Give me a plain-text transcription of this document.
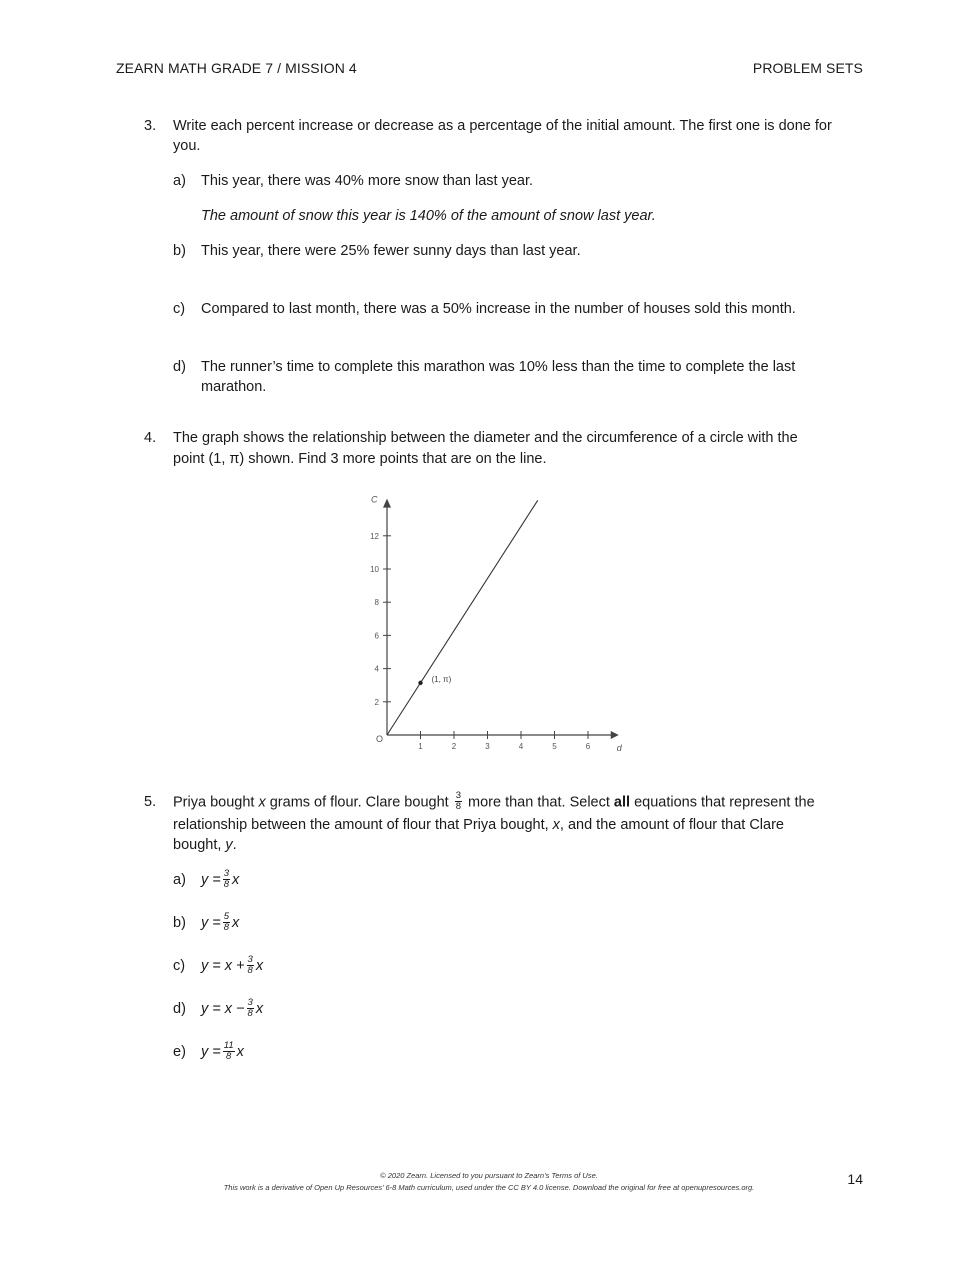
ZEARN MATH GRADE 7 / MISSION 4	PROBLEM SETS
3. Write each percent increase or decrease as a percentage of the initial amount. The first one is done for you.
a) This year, there was 40% more snow than last year.
The amount of snow this year is 140% of the amount of snow last year.
b) This year, there were 25% fewer sunny days than last year.
c) Compared to last month, there was a 50% increase in the number of houses sold this month.
d) The runner’s time to complete this marathon was 10% less than the time to complete the last
marathon.
4. The graph shows the relationship between the diameter and the circumference of a circle with the
point (1, π) shown. Find 3 more points that are on the line.
C
d
O
1	2	3	4	5	6
2
4
6
8
10
12
(1, π)
5. Priya bought x grams of flour. Clare bought $\frac{3}{8}$ more than that. Select all equations that represent the
relationship between the amount of flour that Priya bought, x, and the amount of flour that Clare
bought, y.
a) $y = \frac{3}{8}$ x
b) $y = \frac{5}{8}$ x
c) $y = x + \frac{3}{8}$ x
d) $y = x - \frac{3}{8}$ x
e) $y = \frac{11}{8}$ x
© 2020 Zearn. Licensed to you pursuant to Zearn’s Terms of Use.
This work is a derivative of Open Up Resources’ 6-8 Math curriculum, used under the CC BY 4.0 license. Download the original for free at openupresources.org.
14
